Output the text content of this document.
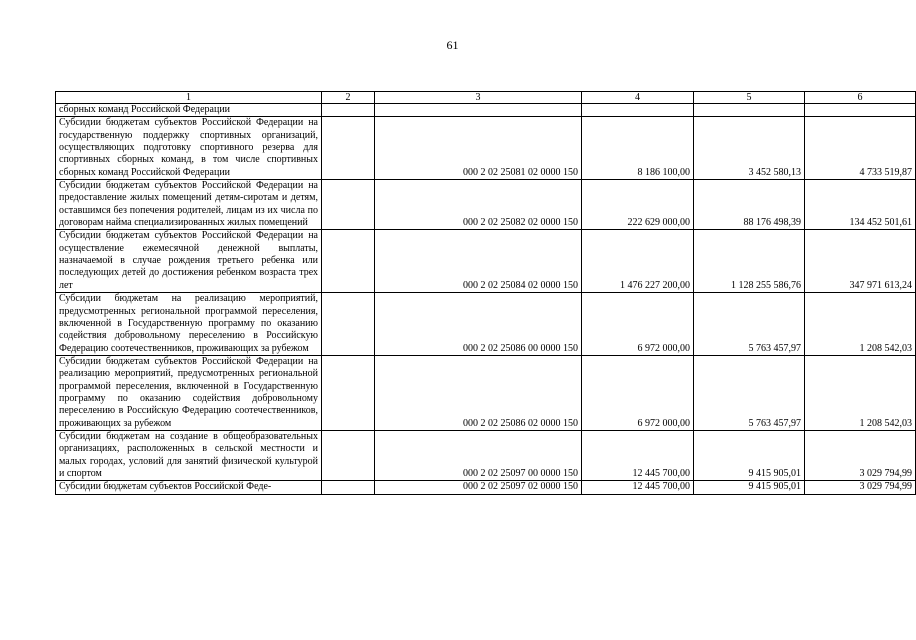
61
1	2	3	4	5	6
сборных команд Российской Федерации					
Субсидии бюджетам субъектов Российской Федерации на государственную поддержку спортивных организаций, осуществляющих подготовку спортивного резерва для спортивных сборных команд, в том числе спортивных сборных команд Российской Федерации		000 2 02 25081 02 0000 150	8 186 100,00	3 452 580,13	4 733 519,87
Субсидии бюджетам субъектов Российской Федерации на предоставление жилых помещений детям-сиротам и детям, оставшимся без попечения родителей, лицам из их числа по договорам найма специализированных жилых помещений		000 2 02 25082 02 0000 150	222 629 000,00	88 176 498,39	134 452 501,61
Субсидии бюджетам субъектов Российской Федерации на осуществление ежемесячной денежной выплаты, назначаемой в случае рождения третьего ребенка или последующих детей до достижения ребенком возраста трех лет		000 2 02 25084 02 0000 150	1 476 227 200,00	1 128 255 586,76	347 971 613,24
Субсидии бюджетам на реализацию мероприятий, предусмотренных региональной программой переселения, включенной в Государственную программу по оказанию содействия добровольному переселению в Российскую Федерацию соотечественников, проживающих за рубежом		000 2 02 25086 00 0000 150	6 972 000,00	5 763 457,97	1 208 542,03
Субсидии бюджетам субъектов Российской Федерации на реализацию мероприятий, предусмотренных региональной программой переселения, включенной в Государственную программу по оказанию содействия добровольному переселению в Российскую Федерацию соотечественников, проживающих за рубежом		000 2 02 25086 02 0000 150	6 972 000,00	5 763 457,97	1 208 542,03
Субсидии бюджетам на создание в общеобразовательных организациях, расположенных в сельской местности и малых городах, условий для занятий физической культурой и спортом		000 2 02 25097 00 0000 150	12 445 700,00	9 415 905,01	3 029 794,99
Субсидии бюджетам субъектов Российской Феде-		000 2 02 25097 02 0000 150	12 445 700,00	9 415 905,01	3 029 794,99
